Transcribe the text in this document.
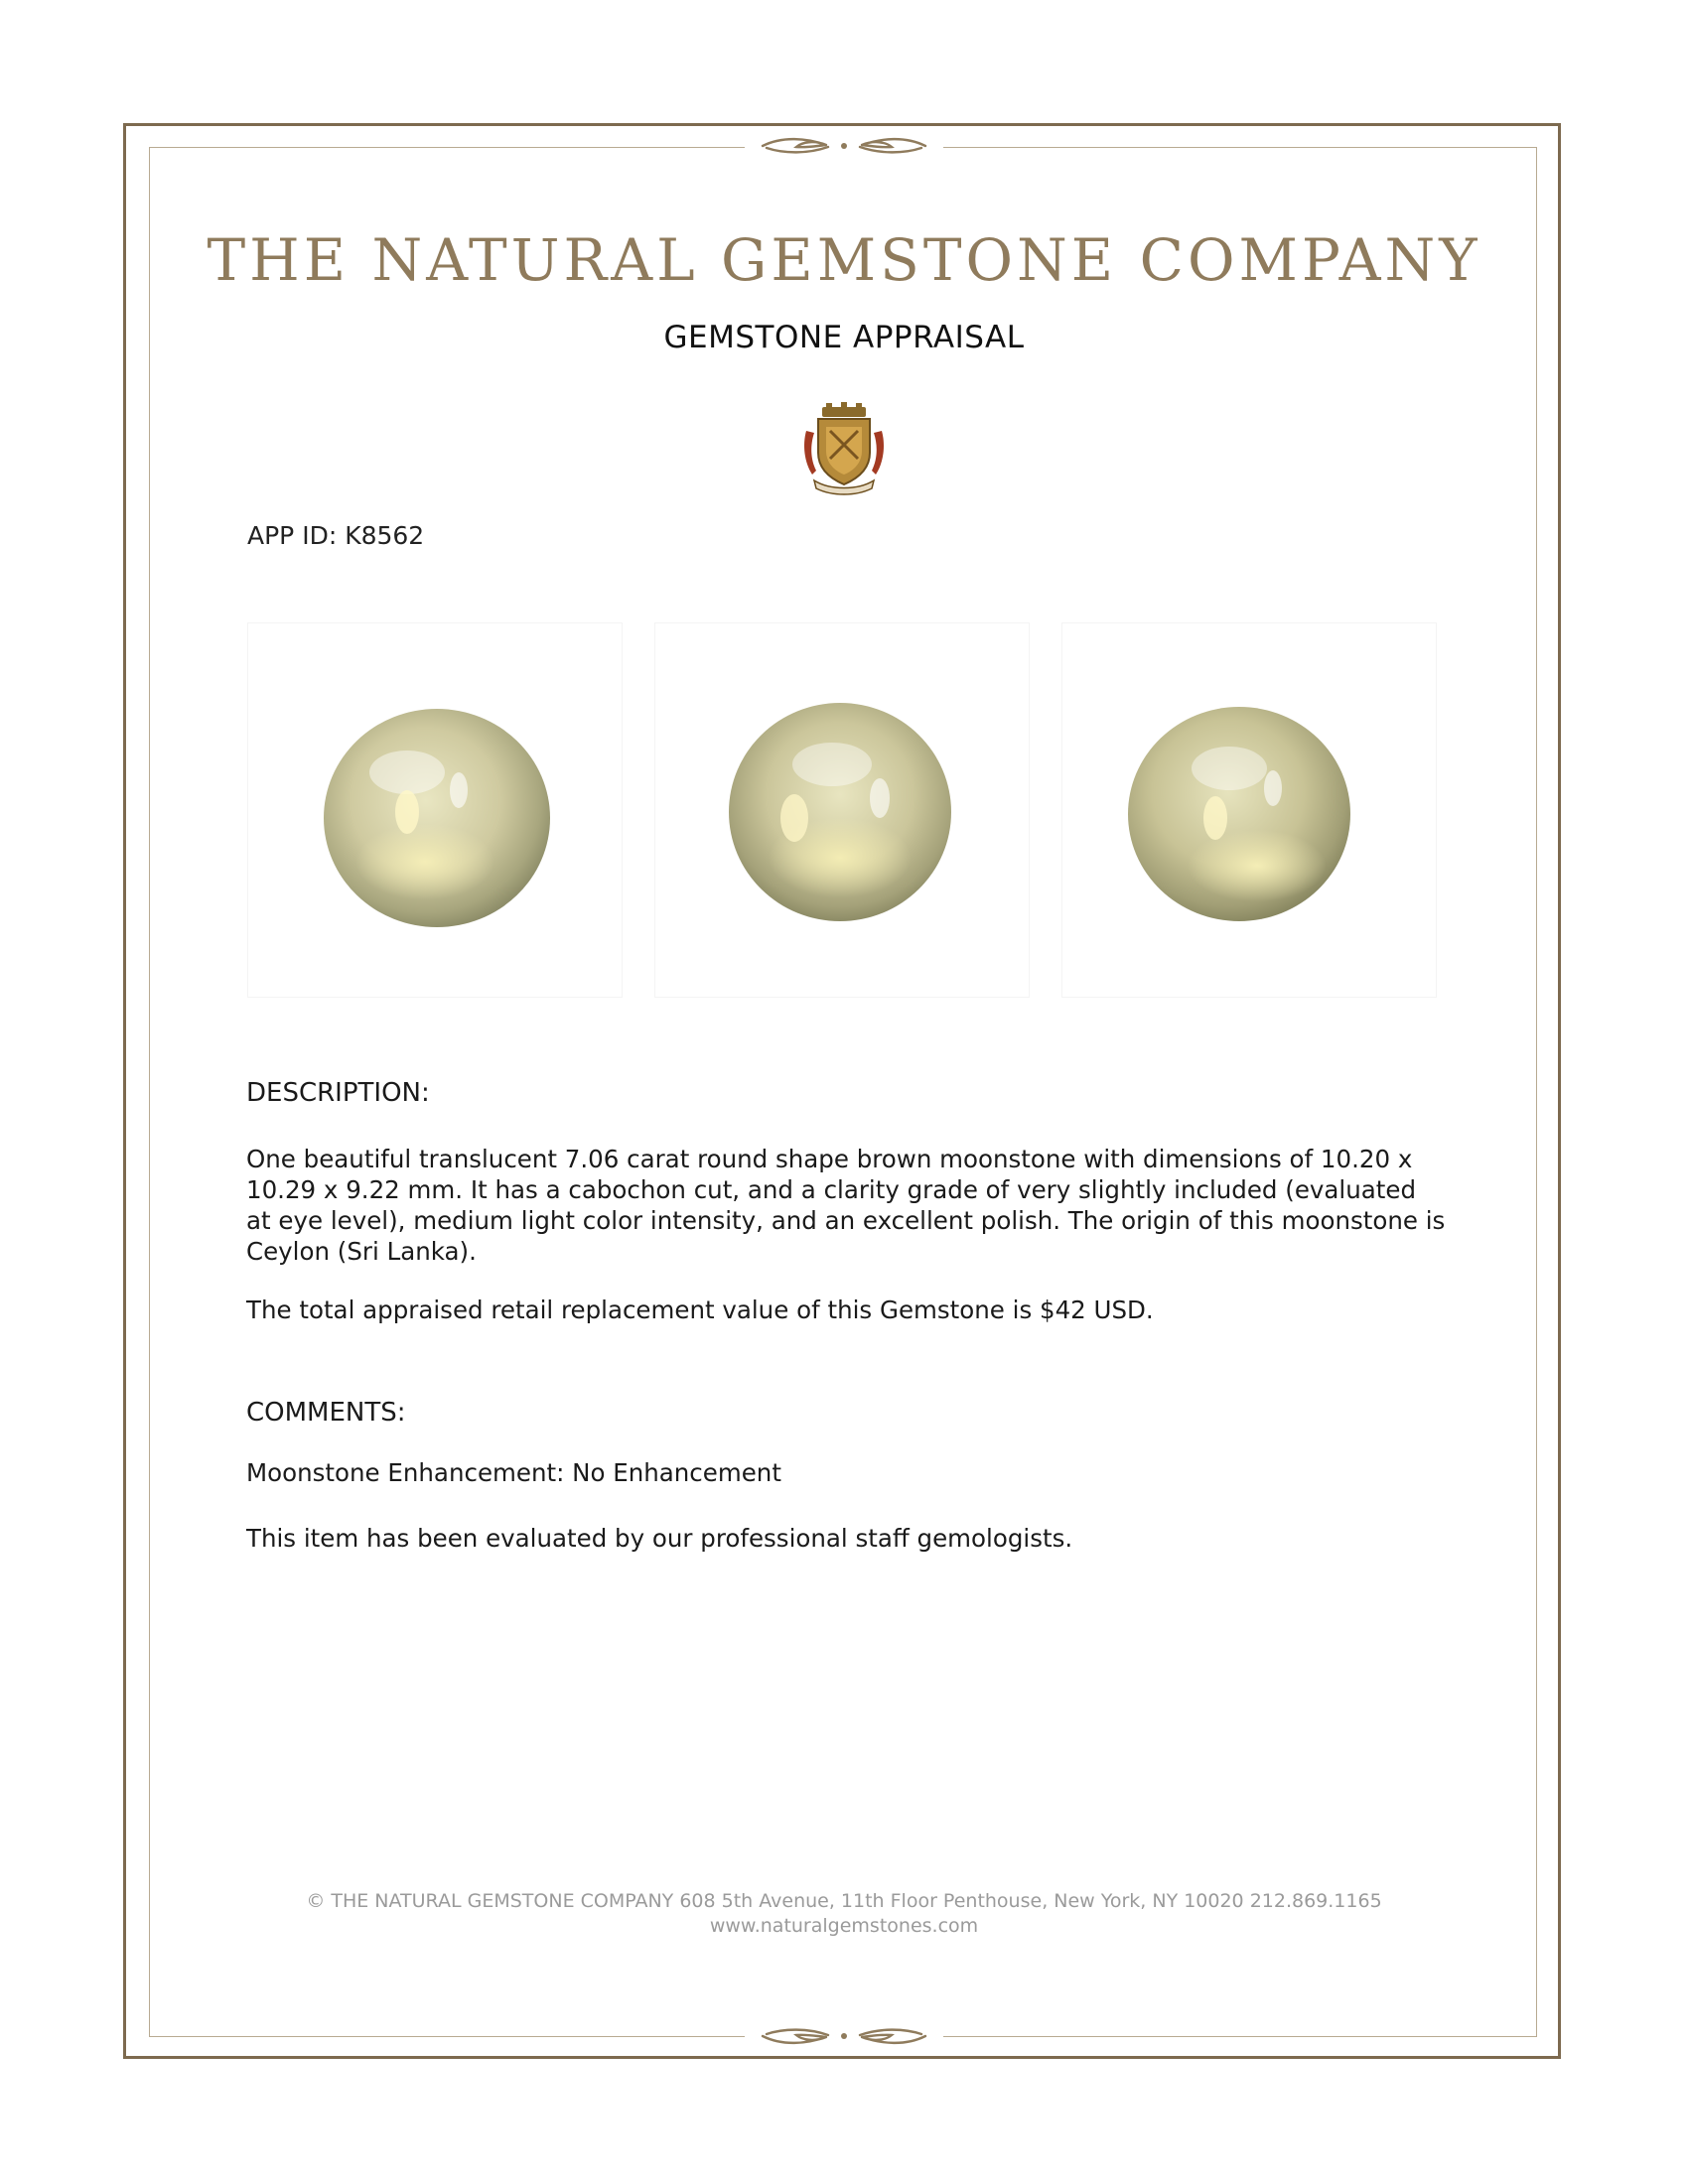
THE NATURAL GEMSTONE COMPANY
GEMSTONE APPRAISAL
APP ID: K8562
DESCRIPTION:
One beautiful translucent 7.06 carat round shape brown moonstone with dimensions of 10.20 x 10.29 x 9.22 mm. It has a cabochon cut, and a clarity grade of very slightly included (evaluated at eye level), medium light color intensity, and an excellent polish. The origin of this moonstone is Ceylon (Sri Lanka).
The total appraised retail replacement value of this Gemstone is $42 USD.
COMMENTS:
Moonstone Enhancement: No Enhancement
This item has been evaluated by our professional staff gemologists.
© THE NATURAL GEMSTONE COMPANY 608 5th Avenue, 11th Floor Penthouse, New York, NY 10020 212.869.1165
www.naturalgemstones.com
